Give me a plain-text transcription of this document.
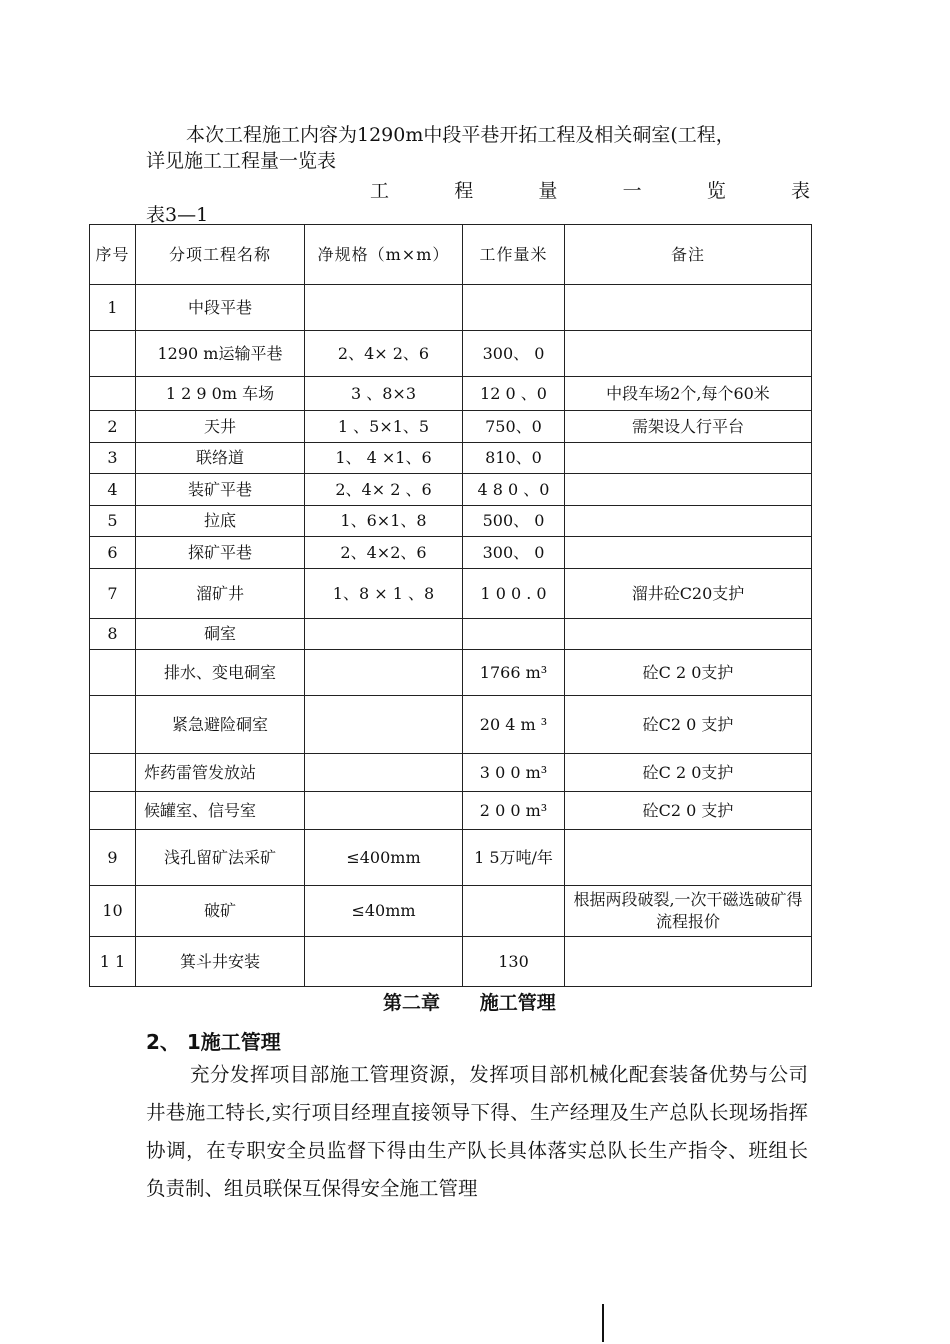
本次工程施工内容为1290m中段平巷开拓工程及相关硐室(工程，
详见施工工程量一览表
工	程	量	一	览	表
表3—1
序号	分项工程名称	净规格（m×m）	工作量米	备注
1	中段平巷			
	1290 m运输平巷	2、4× 2、6	300、 0	
	1 2 9 0m 车场	3 、8×3	12 0 、0	中段车场2个,每个60米
2	天井	1 、5×1、5	750、0	需架设人行平台
3	联络道	1、 4 ×1、6	810、0	
4	装矿平巷	2、4× 2 、6	4 8 0 、0	
5	拉底	1、6×1、8	500、 0	
6	探矿平巷	2、4×2、6	300、 0	
7	溜矿井	1、8 × 1 、8	1 0 0 . 0	溜井砼C20支护
8	硐室			
	排水、变电硐室		1766 m³	砼C 2 0支护
	紧急避险硐室		20 4 m ³	砼C2 0 支护
	炸药雷管发放站		3 0 0 m³	砼C 2 0支护
	候罐室、信号室		2 0 0 m³	砼C2 0 支护
9	浅孔留矿法采矿	≤400mm	1 5万吨/年	
10	破矿	≤40mm		根据两段破裂,一次干磁选破矿得流程报价
1 1	箕斗井安装		130	
第二章      施工管理
2、 1施工管理
充分发挥项目部施工管理资源，发挥项目部机械化配套装备优势与公司井巷施工特长,实行项目经理直接领导下得、生产经理及生产总队长现场指挥协调，在专职安全员监督下得由生产队长具体落实总队长生产指令、班组长负责制、组员联保互保得安全施工管理
